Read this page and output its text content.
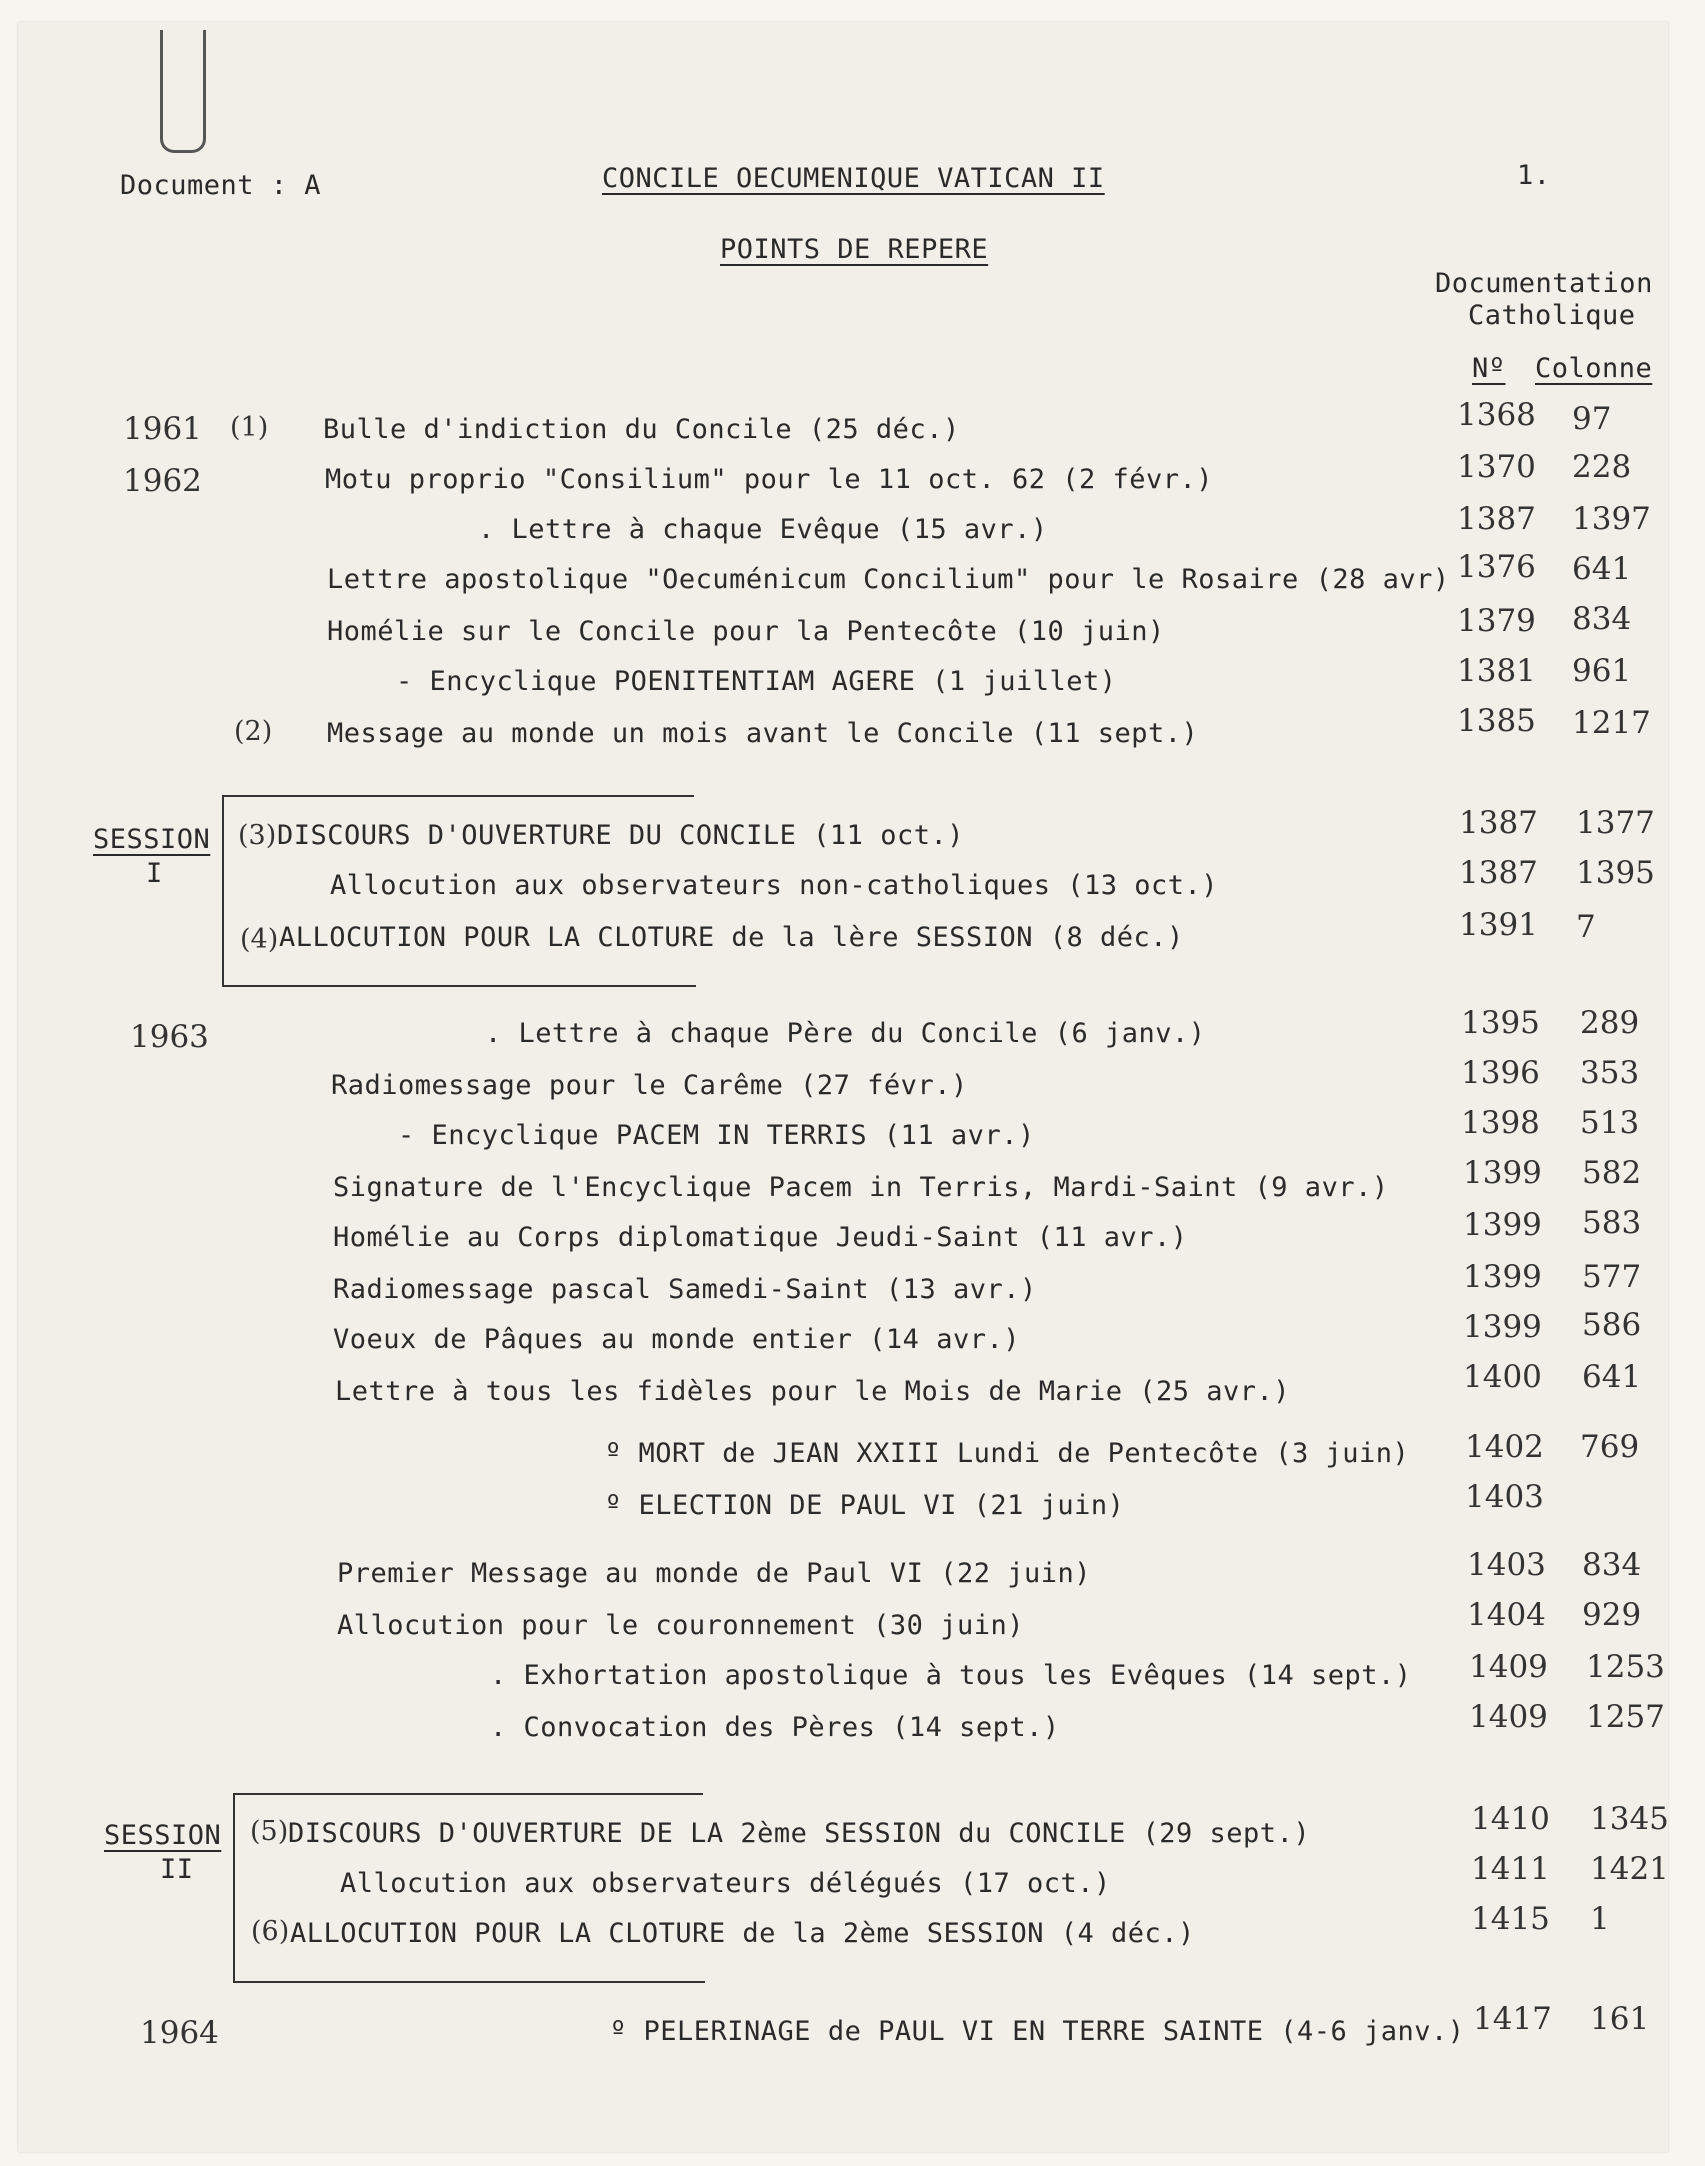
Document : A	CONCILE OECUMENIQUE VATICAN II	1.
POINTS DE REPERE
Documentation
Catholique
Nº Colonne
1961
1962
1963
1964
SESSION
I
SESSION
II
(1)
(2)
(3)
(4)
(5)
(6)
Bulle d'indiction du Concile (25 déc.)
Motu proprio "Consilium" pour le 11 oct. 62 (2 févr.)
. Lettre à chaque Evêque (15 avr.)
Lettre apostolique "Oecuménicum Concilium" pour le Rosaire (28 avr)
Homélie sur le Concile pour la Pentecôte (10 juin)
- Encyclique POENITENTIAM AGERE (1 juillet)
Message au monde un mois avant le Concile (11 sept.)
DISCOURS D'OUVERTURE DU CONCILE (11 oct.)
Allocution aux observateurs non-catholiques (13 oct.)
ALLOCUTION POUR LA CLOTURE de la lère SESSION (8 déc.)
. Lettre à chaque Père du Concile (6 janv.)
Radiomessage pour le Carême (27 févr.)
- Encyclique PACEM IN TERRIS (11 avr.)
Signature de l'Encyclique Pacem in Terris, Mardi-Saint (9 avr.)
Homélie au Corps diplomatique Jeudi-Saint (11 avr.)
Radiomessage pascal Samedi-Saint (13 avr.)
Voeux de Pâques au monde entier (14 avr.)
Lettre à tous les fidèles pour le Mois de Marie (25 avr.)
º MORT de JEAN XXIII Lundi de Pentecôte (3 juin)
º ELECTION DE PAUL VI (21 juin)
Premier Message au monde de Paul VI (22 juin)
Allocution pour le couronnement (30 juin)
. Exhortation apostolique à tous les Evêques (14 sept.)
. Convocation des Pères (14 sept.)
DISCOURS D'OUVERTURE DE LA 2ème SESSION du CONCILE (29 sept.)
Allocution aux observateurs délégués (17 oct.)
ALLOCUTION POUR LA CLOTURE de la 2ème SESSION (4 déc.)
º PELERINAGE de PAUL VI EN TERRE SAINTE (4-6 janv.)
1368
1370
1387
1376
1379
1381
1385
1387
1387
1391
1395
1396
1398
1399
1399
1399
1399
1400
1402
1403
1403
1404
1409
1409
1410
1411
1415
1417
97
228
1397
641
834
961
1217
1377
1395
7
289
353
513
582
583
577
586
641
769
834
929
1253
1257
1345
1421
1
161
